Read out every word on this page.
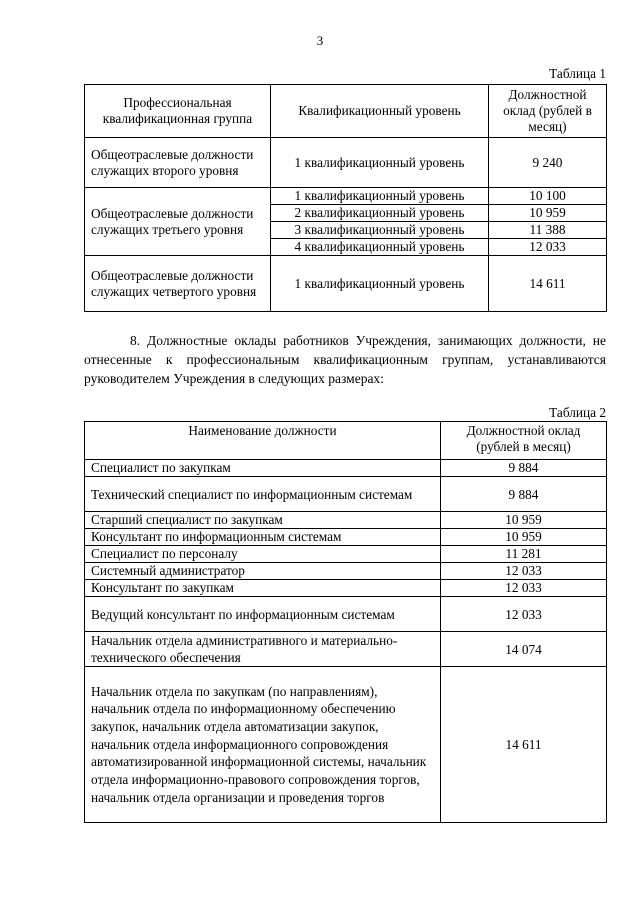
3
Таблица 1
Профессиональная квалификационная группа	Квалификационный уровень	Должностной оклад (рублей в месяц)
Общеотраслевые должности служащих второго уровня	1 квалификационный уровень	9 240
Общеотраслевые должности служащих третьего уровня	1 квалификационный уровень	10 100
	2 квалификационный уровень	10 959
	3 квалификационный уровень	11 388
	4 квалификационный уровень	12 033
Общеотраслевые должности служащих четвертого уровня	1 квалификационный уровень	14 611
8. Должностные оклады работников Учреждения, занимающих должности, не отнесенные к профессиональным квалификационным группам, устанавливаются руководителем Учреждения в следующих размерах:
Таблица 2
Наименование должности	Должностной оклад (рублей в месяц)
Специалист по закупкам	9 884
Технический специалист по информационным системам	9 884
Старший специалист по закупкам	10 959
Консультант по информационным системам	10 959
Специалист по персоналу	11 281
Системный администратор	12 033
Консультант по закупкам	12 033
Ведущий консультант по информационным системам	12 033
Начальник отдела административного и материально- технического обеспечения	14 074
Начальник отдела по закупкам (по направлениям), начальник отдела по информационному обеспечению закупок, начальник отдела автоматизации закупок, начальник отдела информационного сопровождения автоматизированной информационной системы, начальник отдела информационно-правового сопровождения торгов, начальник отдела организации и проведения торгов	14 611
